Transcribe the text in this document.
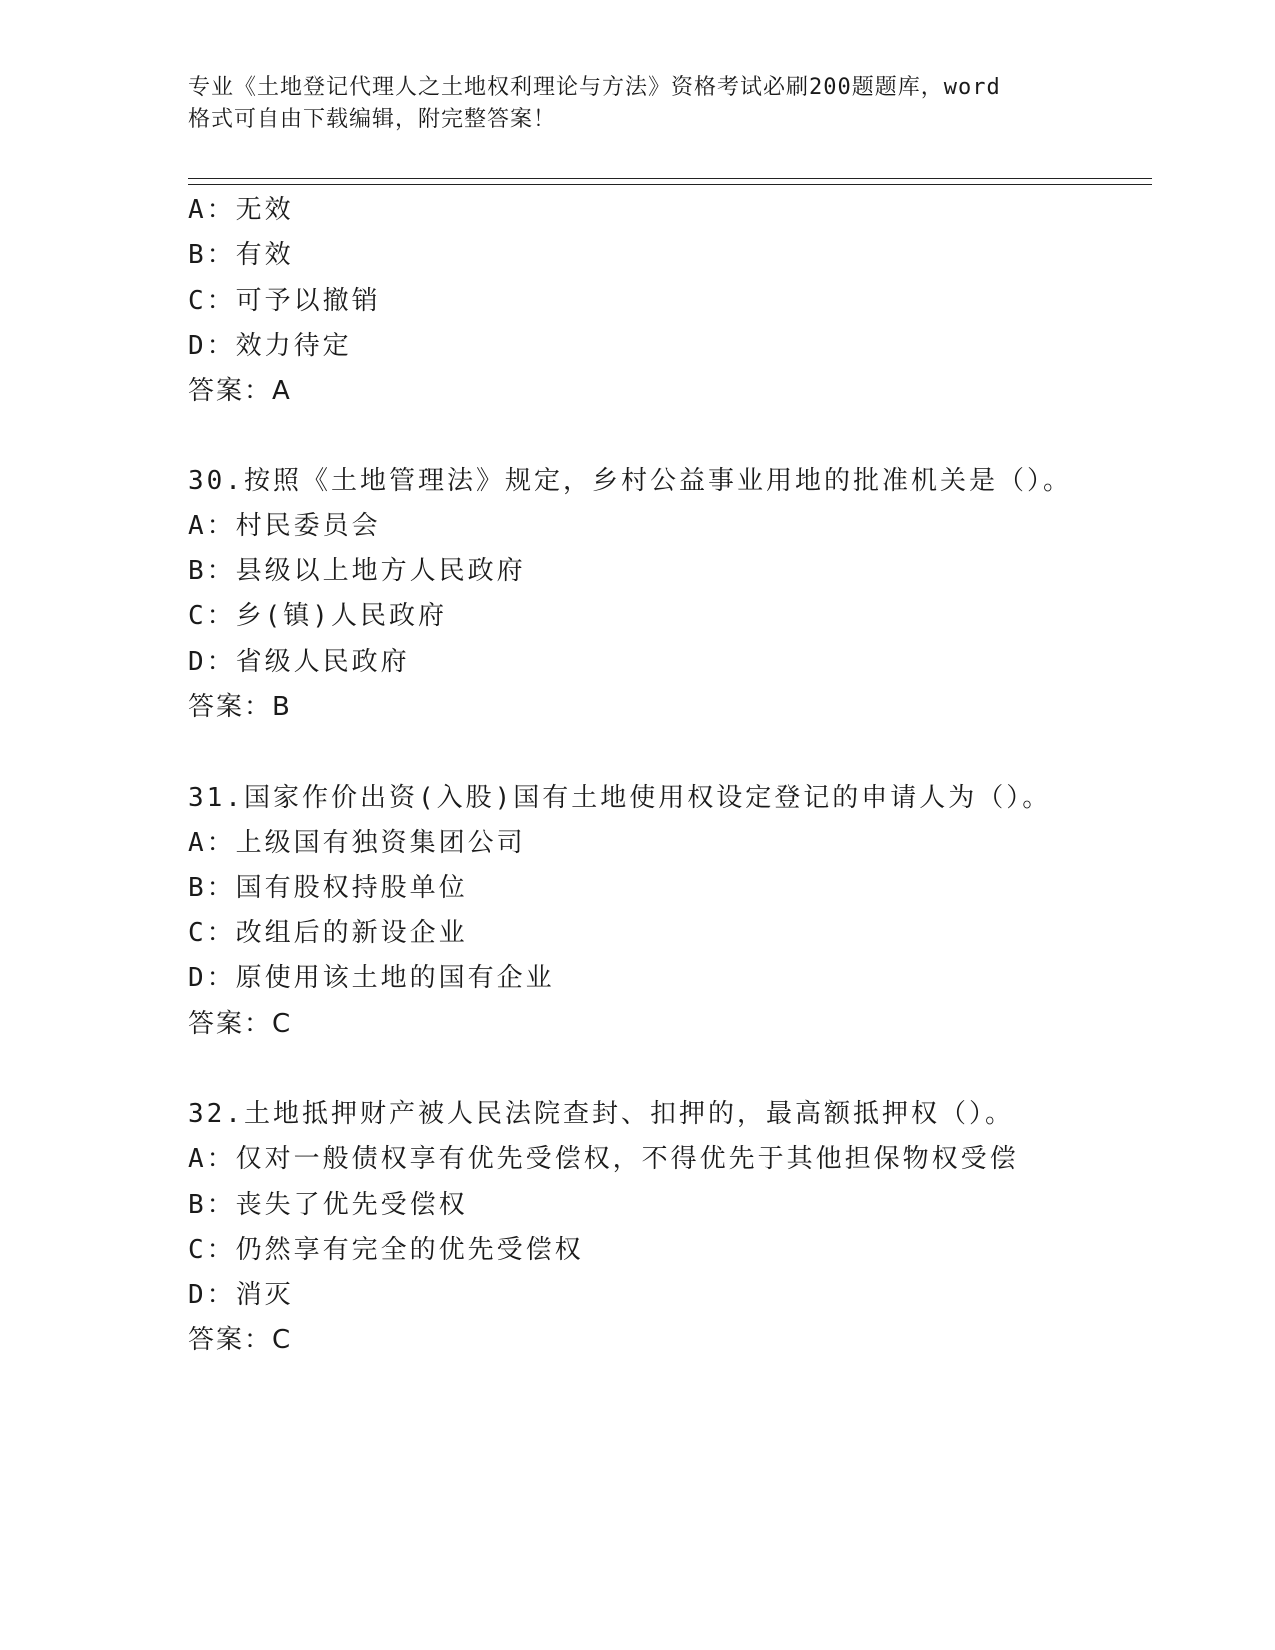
专业《土地登记代理人之土地权利理论与方法》资格考试必刷200题题库，word
格式可自由下载编辑，附完整答案！
A：无效
B：有效
C：可予以撤销
D：效力待定
答案：A
30.按照《土地管理法》规定，乡村公益事业用地的批准机关是（）。
A：村民委员会
B：县级以上地方人民政府
C：乡(镇)人民政府
D：省级人民政府
答案：B
31.国家作价出资(入股)国有土地使用权设定登记的申请人为（）。
A：上级国有独资集团公司
B：国有股权持股单位
C：改组后的新设企业
D：原使用该土地的国有企业
答案：C
32.土地抵押财产被人民法院查封、扣押的，最高额抵押权（）。
A：仅对一般债权享有优先受偿权，不得优先于其他担保物权受偿
B：丧失了优先受偿权
C：仍然享有完全的优先受偿权
D：消灭
答案：C
